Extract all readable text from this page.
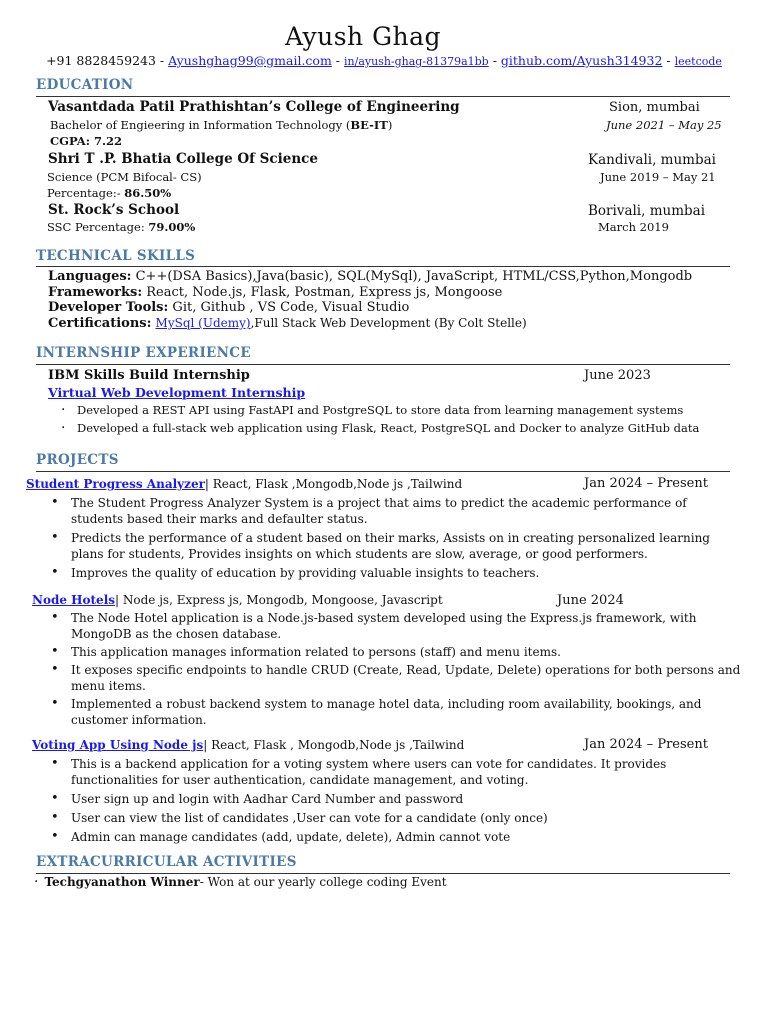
Ayush Ghag
+91 8828459243 - Ayushghag99@gmail.com - in/ayush-ghag-81379a1bb - github.com/Ayush314932 - leetcode
EDUCATION
Vasantdada Patil Prathishtan’s College of Engineering	Sion, mumbai
Bachelor of Engieering in Information Technology (BE-IT)	June 2021 – May 25
CGPA: 7.22
Shri T .P. Bhatia College Of Science	Kandivali, mumbai
Science (PCM Bifocal- CS)	June 2019 – May 21
Percentage:- 86.50%
St. Rock’s School	Borivali, mumbai
SSC Percentage: 79.00%	March 2019
TECHNICAL SKILLS
Languages: C++(DSA Basics),Java(basic), SQL(MySql), JavaScript, HTML/CSS,Python,Mongodb
Frameworks: React, Node.js, Flask, Postman, Express js, Mongoose
Developer Tools: Git, Github , VS Code, Visual Studio
Certifications: MySql (Udemy),Full Stack Web Development (By Colt Stelle)
INTERNSHIP EXPERIENCE
IBM Skills Build Internship	June 2023
Virtual Web Development Internship
· Developed a REST API using FastAPI and PostgreSQL to store data from learning management systems
· Developed a full-stack web application using Flask, React, PostgreSQL and Docker to analyze GitHub data
PROJECTS
Student Progress Analyzer| React, Flask ,Mongodb,Node js ,Tailwind	Jan 2024 – Present
• The Student Progress Analyzer System is a project that aims to predict the academic performance of students based their marks and defaulter status.
• Predicts the performance of a student based on their marks, Assists on in creating personalized learning plans for students, Provides insights on which students are slow, average, or good performers.
• Improves the quality of education by providing valuable insights to teachers.
Node Hotels| Node js, Express js, Mongodb, Mongoose, Javascript	June 2024
• The Node Hotel application is a Node.js-based system developed using the Express.js framework, with MongoDB as the chosen database.
• This application manages information related to persons (staff) and menu items.
• It exposes specific endpoints to handle CRUD (Create, Read, Update, Delete) operations for both persons and menu items.
• Implemented a robust backend system to manage hotel data, including room availability, bookings, and customer information.
Voting App Using Node js| React, Flask , Mongodb,Node js ,Tailwind	Jan 2024 – Present
• This is a backend application for a voting system where users can vote for candidates. It provides functionalities for user authentication, candidate management, and voting.
• User sign up and login with Aadhar Card Number and password
• User can view the list of candidates ,User can vote for a candidate (only once)
• Admin can manage candidates (add, update, delete), Admin cannot vote
EXTRACURRICULAR ACTIVITIES
· Techgyanathon Winner- Won at our yearly college coding Event
